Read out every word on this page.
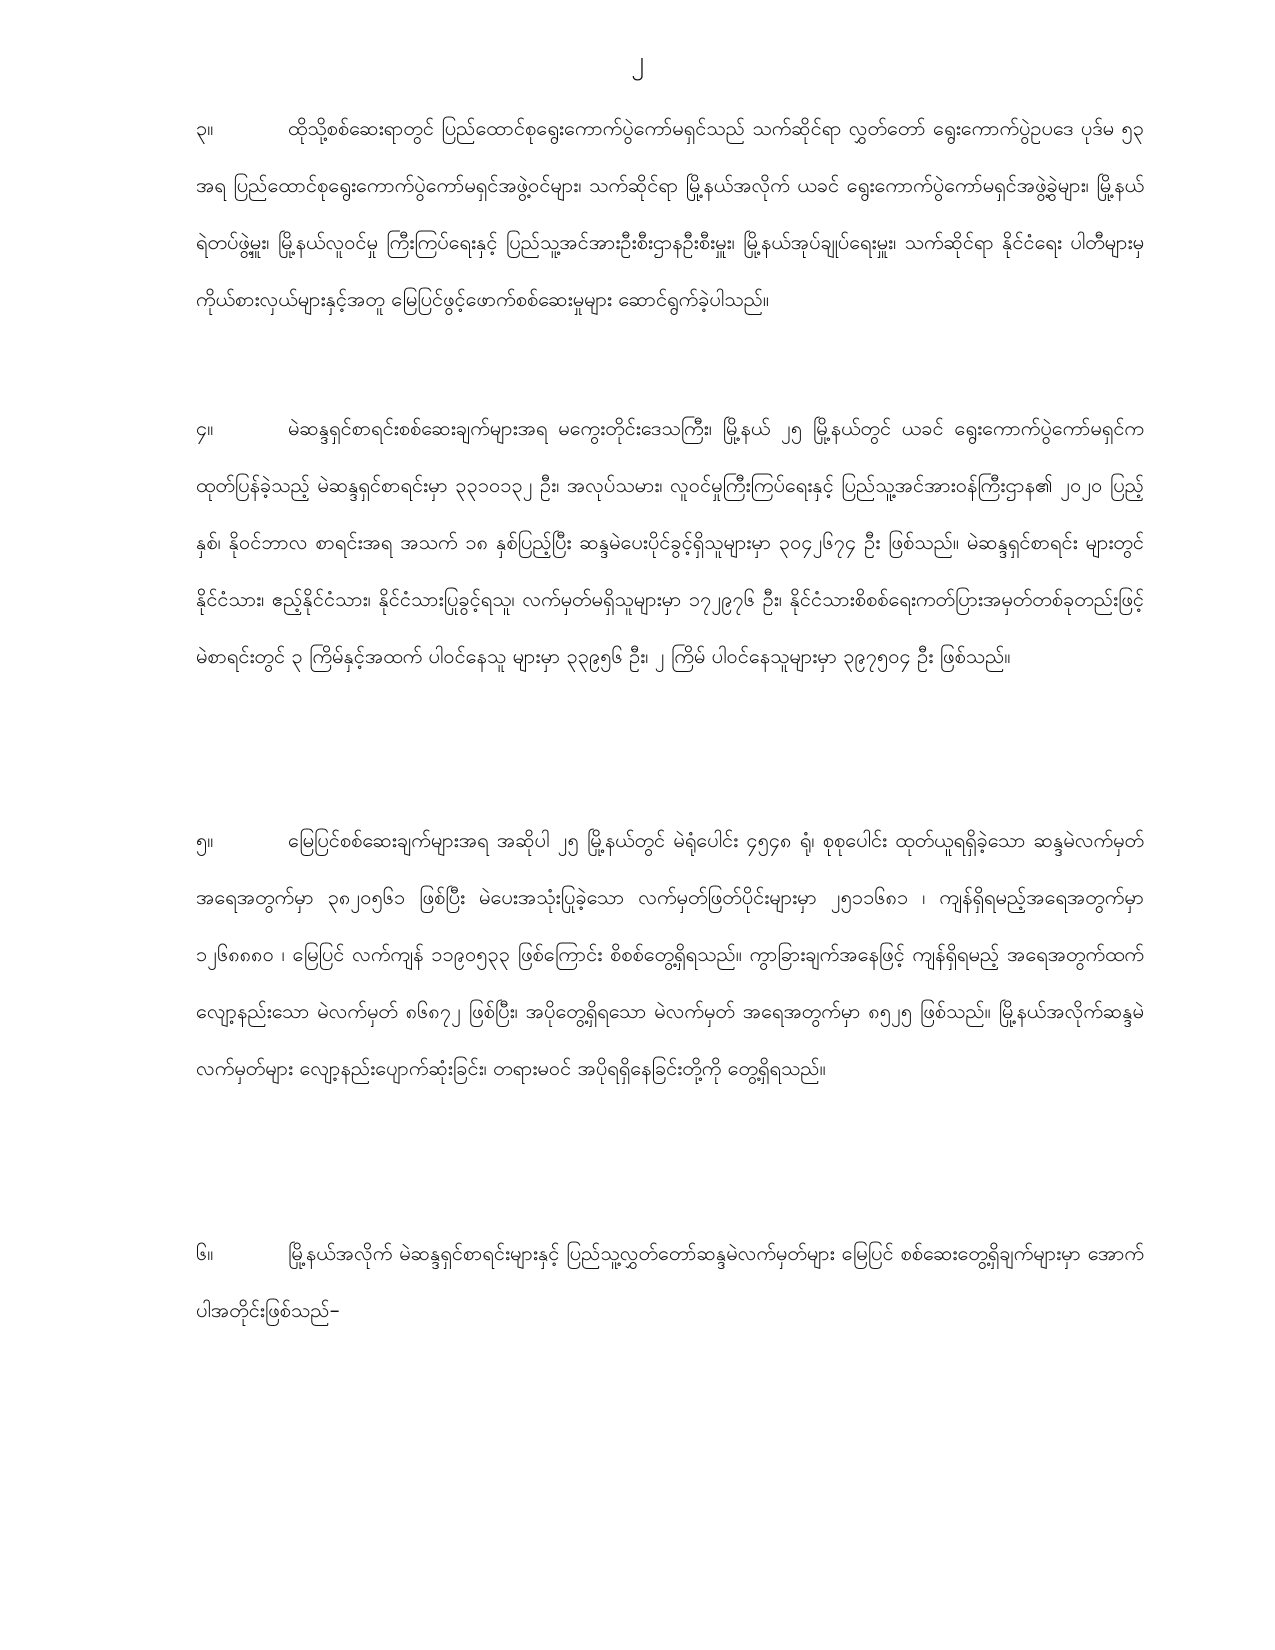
၂

၃။	ထိုသို့စစ်ဆေးရာတွင် ပြည်ထောင်စုရွေးကောက်ပွဲကော်မရှင်သည် သက်ဆိုင်ရာ လွှတ်တော် ရွေးကောက်ပွဲဥပဒေ ပုဒ်မ ၅၃ အရ ပြည်ထောင်စုရွေးကောက်ပွဲကော်မရှင်အဖွဲ့ဝင်များ၊ သက်ဆိုင်ရာ မြို့နယ်အလိုက် ယခင် ရွေးကောက်ပွဲကော်မရှင်အဖွဲ့ခွဲများ၊ မြို့နယ်ရဲတပ်ဖွဲ့မှူး၊ မြို့နယ်လူဝင်မှု ကြီးကြပ်ရေးနှင့် ပြည်သူ့အင်အားဦးစီးဌာနဦးစီးမှူး၊ မြို့နယ်အုပ်ချုပ်ရေးမှူး၊ သက်ဆိုင်ရာ နိုင်ငံရေး ပါတီများမှ ကိုယ်စားလှယ်များနှင့်အတူ မြေပြင်ဖွင့်ဖောက်စစ်ဆေးမှုများ ဆောင်ရွက်ခဲ့ပါသည်။

၄။	မဲဆန္ဒရှင်စာရင်းစစ်ဆေးချက်များအရ မကွေးတိုင်းဒေသကြီး၊ မြို့နယ် ၂၅ မြို့နယ်တွင် ယခင် ရွေးကောက်ပွဲကော်မရှင်က ထုတ်ပြန်ခဲ့သည့် မဲဆန္ဒရှင်စာရင်းမှာ ၃၃၁၀၁၃၂ ဦး၊ အလုပ်သမား၊ လူဝင်မှုကြီးကြပ်ရေးနှင့် ပြည်သူ့အင်အားဝန်ကြီးဌာန၏ ၂၀၂၀ ပြည့်နှစ်၊ နိုဝင်ဘာလ စာရင်းအရ အသက် ၁၈ နှစ်ပြည့်ပြီး ဆန္ဒမဲပေးပိုင်ခွင့်ရှိသူများမှာ ၃၀၄၂၆၇၄ ဦး ဖြစ်သည်။ မဲဆန္ဒရှင်စာရင်း များတွင် နိုင်ငံသား၊ ဧည့်နိုင်ငံသား၊ နိုင်ငံသားပြုခွင့်ရသူ၊ လက်မှတ်မရှိသူများမှာ ၁၇၂၉၇၆ ဦး၊ နိုင်ငံသားစိစစ်ရေးကတ်ပြားအမှတ်တစ်ခုတည်းဖြင့် မဲစာရင်းတွင် ၃ ကြိမ်နှင့်အထက် ပါဝင်နေသူ များမှာ ၃၃၉၅၆ ဦး၊ ၂ ကြိမ် ပါဝင်နေသူများမှာ ၃၉၇၅၀၄ ဦး ဖြစ်သည်။

၅။	မြေပြင်စစ်ဆေးချက်များအရ အဆိုပါ ၂၅ မြို့နယ်တွင် မဲရုံပေါင်း ၄၅၄၈ ရုံ၊ စုစုပေါင်း ထုတ်ယူရရှိခဲ့သော ဆန္ဒမဲလက်မှတ်အရေအတွက်မှာ ၃၈၂၀၅၆၁ ဖြစ်ပြီး မဲပေးအသုံးပြုခဲ့သော လက်မှတ်ဖြတ်ပိုင်းများမှာ ၂၅၁၁၆၈၁ ၊ ကျန်ရှိရမည့်အရေအတွက်မှာ ၁၂၆၈၈၈၀ ၊ မြေပြင် လက်ကျန် ၁၁၉၀၅၃၃ ဖြစ်ကြောင်း စိစစ်တွေ့ရှိရသည်။ ကွာခြားချက်အနေဖြင့် ကျန်ရှိရမည့် အရေအတွက်ထက် လျော့နည်းသော မဲလက်မှတ် ၈၆၈၇၂ ဖြစ်ပြီး၊ အပိုတွေ့ရှိရသော မဲလက်မှတ် အရေအတွက်မှာ ၈၅၂၅ ဖြစ်သည်။ မြို့နယ်အလိုက်ဆန္ဒမဲလက်မှတ်များ လျော့နည်းပျောက်ဆုံးခြင်း၊ တရားမဝင် အပိုရရှိနေခြင်းတို့ကို တွေ့ရှိရသည်။

၆။	မြို့နယ်အလိုက် မဲဆန္ဒရှင်စာရင်းများနှင့် ပြည်သူ့လွှတ်တော်ဆန္ဒမဲလက်မှတ်များ မြေပြင် စစ်ဆေးတွေ့ရှိချက်များမှာ အောက်ပါအတိုင်းဖြစ်သည်–
